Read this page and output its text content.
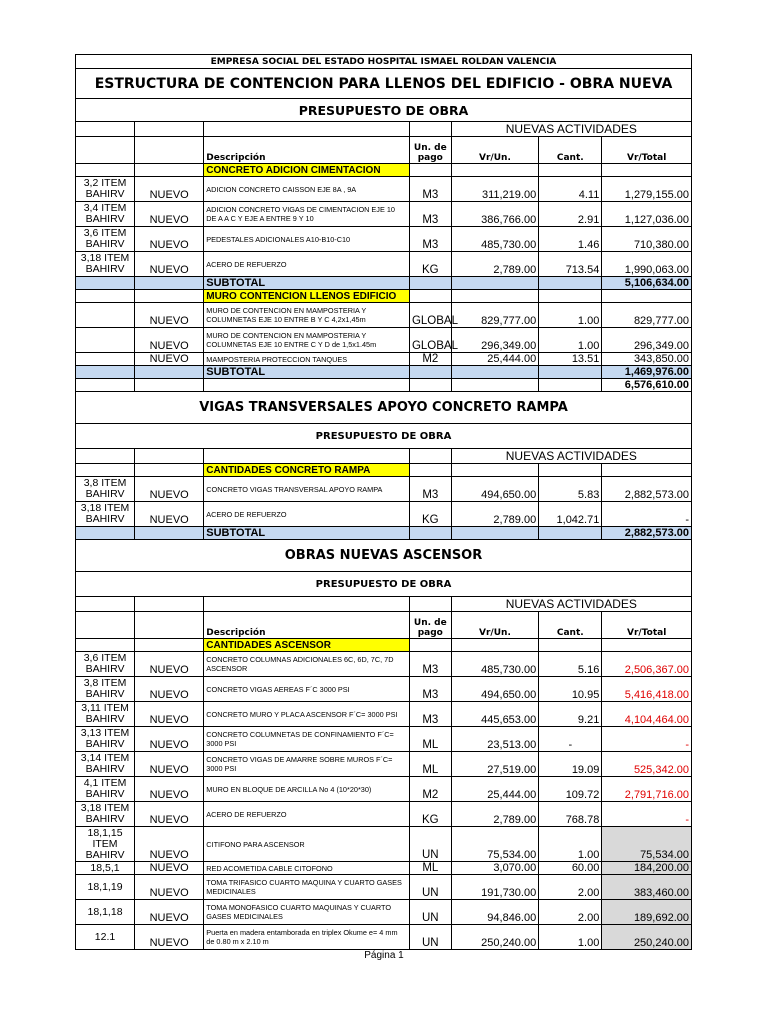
EMPRESA SOCIAL DEL ESTADO HOSPITAL ISMAEL ROLDAN VALENCIA						
ESTRUCTURA DE CONTENCION PARA LLENOS DEL EDIFICIO - OBRA NUEVA						
PRESUPUESTO DE OBRA						
				NUEVAS ACTIVIDADES		
		Descripción	Un. de pago	Vr/Un.	Cant.	Vr/Total
		CONCRETO ADICION CIMENTACION				
3,2 ITEM BAHIRV	NUEVO	ADICION CONCRETO CAISSON EJE 8A , 9A	M3	311,219.00	4.11	1,279,155.00
3,4 ITEM BAHIRV	NUEVO	ADICION CONCRETO VIGAS DE CIMENTACION EJE 10 DE A A C Y EJE A ENTRE 9 Y 10	M3	386,766.00	2.91	1,127,036.00
3,6 ITEM BAHIRV	NUEVO	PEDESTALES ADICIONALES A10-B10-C10	M3	485,730.00	1.46	710,380.00
3,18 ITEM BAHIRV	NUEVO	ACERO DE REFUERZO	KG	2,789.00	713.54	1,990,063.00
		SUBTOTAL				5,106,634.00
		MURO CONTENCION LLENOS EDIFICIO				
	NUEVO	MURO DE CONTENCION EN MAMPOSTERIA Y COLUMNETAS EJE 10 ENTRE B Y C 4,2x1,45m	GLOBAL	829,777.00	1.00	829,777.00
	NUEVO	MURO DE CONTENCION EN MAMPOSTERIA Y COLUMNETAS EJE 10 ENTRE C Y D de 1,5x1.45m	GLOBAL	296,349.00	1.00	296,349.00
	NUEVO	MAMPOSTERIA PROTECCION TANQUES	M2	25,444.00	13.51	343,850.00
		SUBTOTAL				1,469,976.00
						6,576,610.00
VIGAS TRANSVERSALES APOYO CONCRETO RAMPA						
PRESUPUESTO DE OBRA						
				NUEVAS ACTIVIDADES		
		CANTIDADES CONCRETO RAMPA				
3,8 ITEM BAHIRV	NUEVO	CONCRETO VIGAS TRANSVERSAL APOYO RAMPA	M3	494,650.00	5.83	2,882,573.00
3,18 ITEM BAHIRV	NUEVO	ACERO DE REFUERZO	KG	2,789.00	1,042.71	-
		SUBTOTAL				2,882,573.00
OBRAS NUEVAS ASCENSOR						
PRESUPUESTO DE OBRA						
				NUEVAS ACTIVIDADES		
		Descripción	Un. de pago	Vr/Un.	Cant.	Vr/Total
		CANTIDADES ASCENSOR				
3,6 ITEM BAHIRV	NUEVO	CONCRETO COLUMNAS ADICIONALES 6C, 6D, 7C, 7D ASCENSOR	M3	485,730.00	5.16	2,506,367.00
3,8 ITEM BAHIRV	NUEVO	CONCRETO VIGAS AEREAS F´C 3000 PSI	M3	494,650.00	10.95	5,416,418.00
3,11 ITEM BAHIRV	NUEVO	CONCRETO MURO Y PLACA ASCENSOR F´C= 3000 PSI	M3	445,653.00	9.21	4,104,464.00
3,13 ITEM BAHIRV	NUEVO	CONCRETO COLUMNETAS DE CONFINAMIENTO F´C= 3000 PSI	ML	23,513.00	-	-
3,14 ITEM BAHIRV	NUEVO	CONCRETO VIGAS DE AMARRE SOBRE MUROS F´C= 3000 PSI	ML	27,519.00	19.09	525,342.00
4,1 ITEM BAHIRV	NUEVO	MURO EN BLOQUE DE ARCILLA No 4 (10*20*30)	M2	25,444.00	109.72	2,791,716.00
3,18 ITEM BAHIRV	NUEVO	ACERO DE REFUERZO	KG	2,789.00	768.78	-
18,1,15 ITEM BAHIRV	NUEVO	CITIFONO PARA ASCENSOR	UN	75,534.00	1.00	75,534.00
18,5,1	NUEVO	RED ACOMETIDA CABLE CITOFONO	ML	3,070.00	60.00	184,200.00
18,1,19	NUEVO	TOMA TRIFASICO CUARTO MAQUINA Y CUARTO GASES MEDICINALES	UN	191,730.00	2.00	383,460.00
18,1,18	NUEVO	TOMA MONOFASICO CUARTO MAQUINAS Y CUARTO GASES MEDICINALES	UN	94,846.00	2.00	189,692.00
12.1	NUEVO	Puerta en madera entamborada en triplex Okume e= 4 mm de 0.80 m x 2.10 m	UN	250,240.00	1.00	250,240.00
Página 1
